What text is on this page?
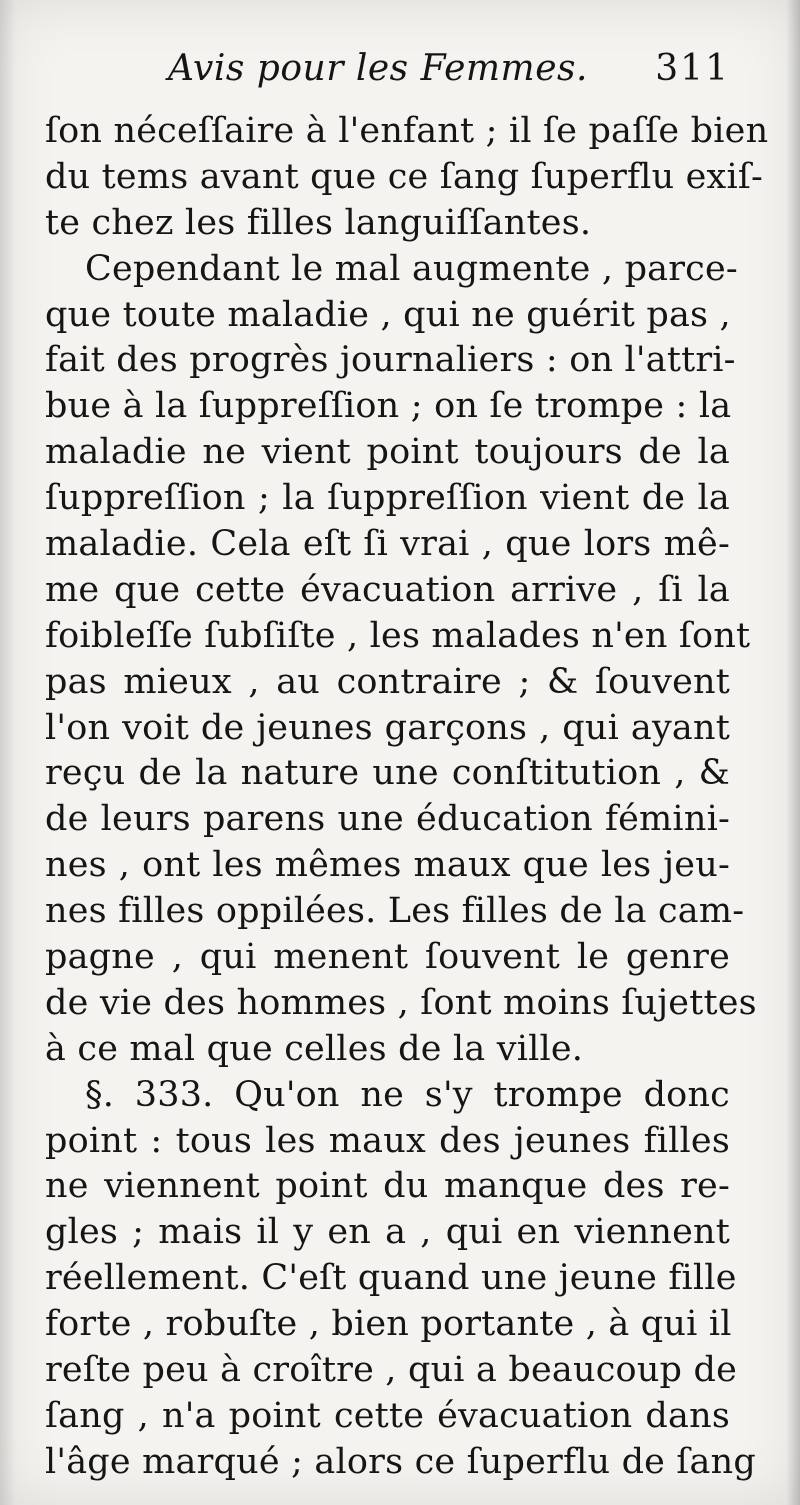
Avis pour les Femmes. 311
ſon néceſſaire à l'enfant ; il ſe paſſe bien
du tems avant que ce ſang ſuperflu exiſ-
te chez les filles languiſſantes.
Cependant le mal augmente , parce-
que toute maladie , qui ne guérit pas ,
fait des progrès journaliers : on l'attri-
bue à la ſuppreſſion ; on ſe trompe : la
maladie ne vient point toujours de la
ſuppreſſion ; la ſuppreſſion vient de la
maladie. Cela eſt ſi vrai , que lors mê-
me que cette évacuation arrive , ſi la
foibleſſe ſubſiſte , les malades n'en ſont
pas mieux , au contraire ; & ſouvent
l'on voit de jeunes garçons , qui ayant
reçu de la nature une conſtitution , &
de leurs parens une éducation fémini-
nes , ont les mêmes maux que les jeu-
nes filles oppilées. Les filles de la cam-
pagne , qui menent ſouvent le genre
de vie des hommes , ſont moins ſujettes
à ce mal que celles de la ville.
§. 333. Qu'on ne s'y trompe donc
point : tous les maux des jeunes filles
ne viennent point du manque des re-
gles ; mais il y en a , qui en viennent
réellement. C'eſt quand une jeune fille
forte , robuſte , bien portante , à qui il
reſte peu à croître , qui a beaucoup de
ſang , n'a point cette évacuation dans
l'âge marqué ; alors ce ſuperflu de ſang
